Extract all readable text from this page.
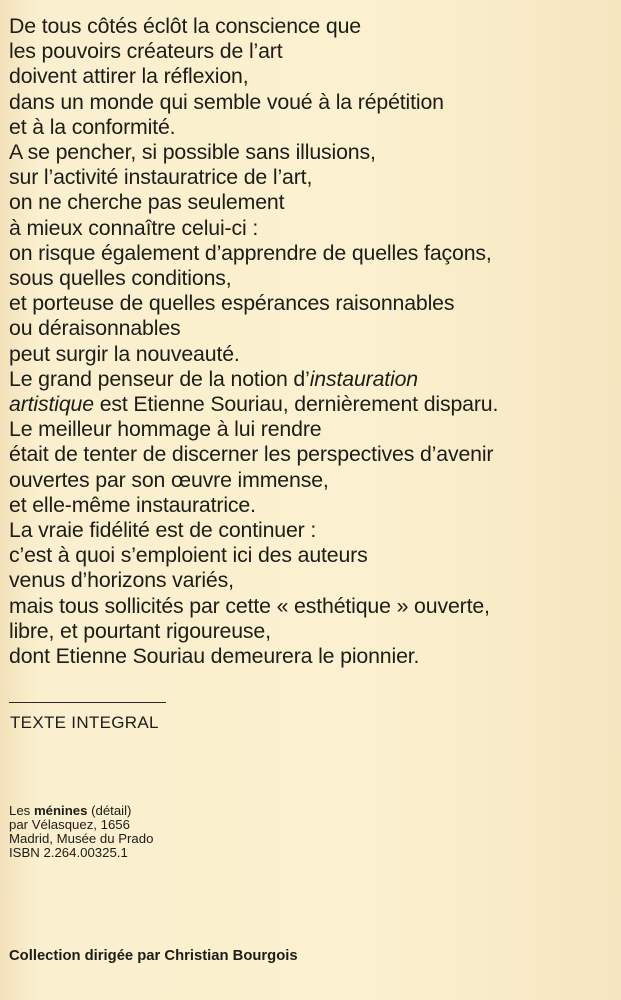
De tous côtés éclôt la conscience que
les pouvoirs créateurs de l’art
doivent attirer la réflexion,
dans un monde qui semble voué à la répétition
et à la conformité.
A se pencher, si possible sans illusions,
sur l’activité instauratrice de l’art,
on ne cherche pas seulement
à mieux connaître celui-ci :
on risque également d’apprendre de quelles façons,
sous quelles conditions,
et porteuse de quelles espérances raisonnables
ou déraisonnables
peut surgir la nouveauté.
Le grand penseur de la notion d’instauration
artistique est Etienne Souriau, dernièrement disparu.
Le meilleur hommage à lui rendre
était de tenter de discerner les perspectives d’avenir
ouvertes par son œuvre immense,
et elle-même instauratrice.
La vraie fidélité est de continuer :
c’est à quoi s’emploient ici des auteurs
venus d’horizons variés,
mais tous sollicités par cette « esthétique » ouverte,
libre, et pourtant rigoureuse,
dont Etienne Souriau demeurera le pionnier.
TEXTE INTEGRAL
Les ménines (détail)
par Vélasquez, 1656
Madrid, Musée du Prado
ISBN 2.264.00325.1
Collection dirigée par Christian Bourgois
